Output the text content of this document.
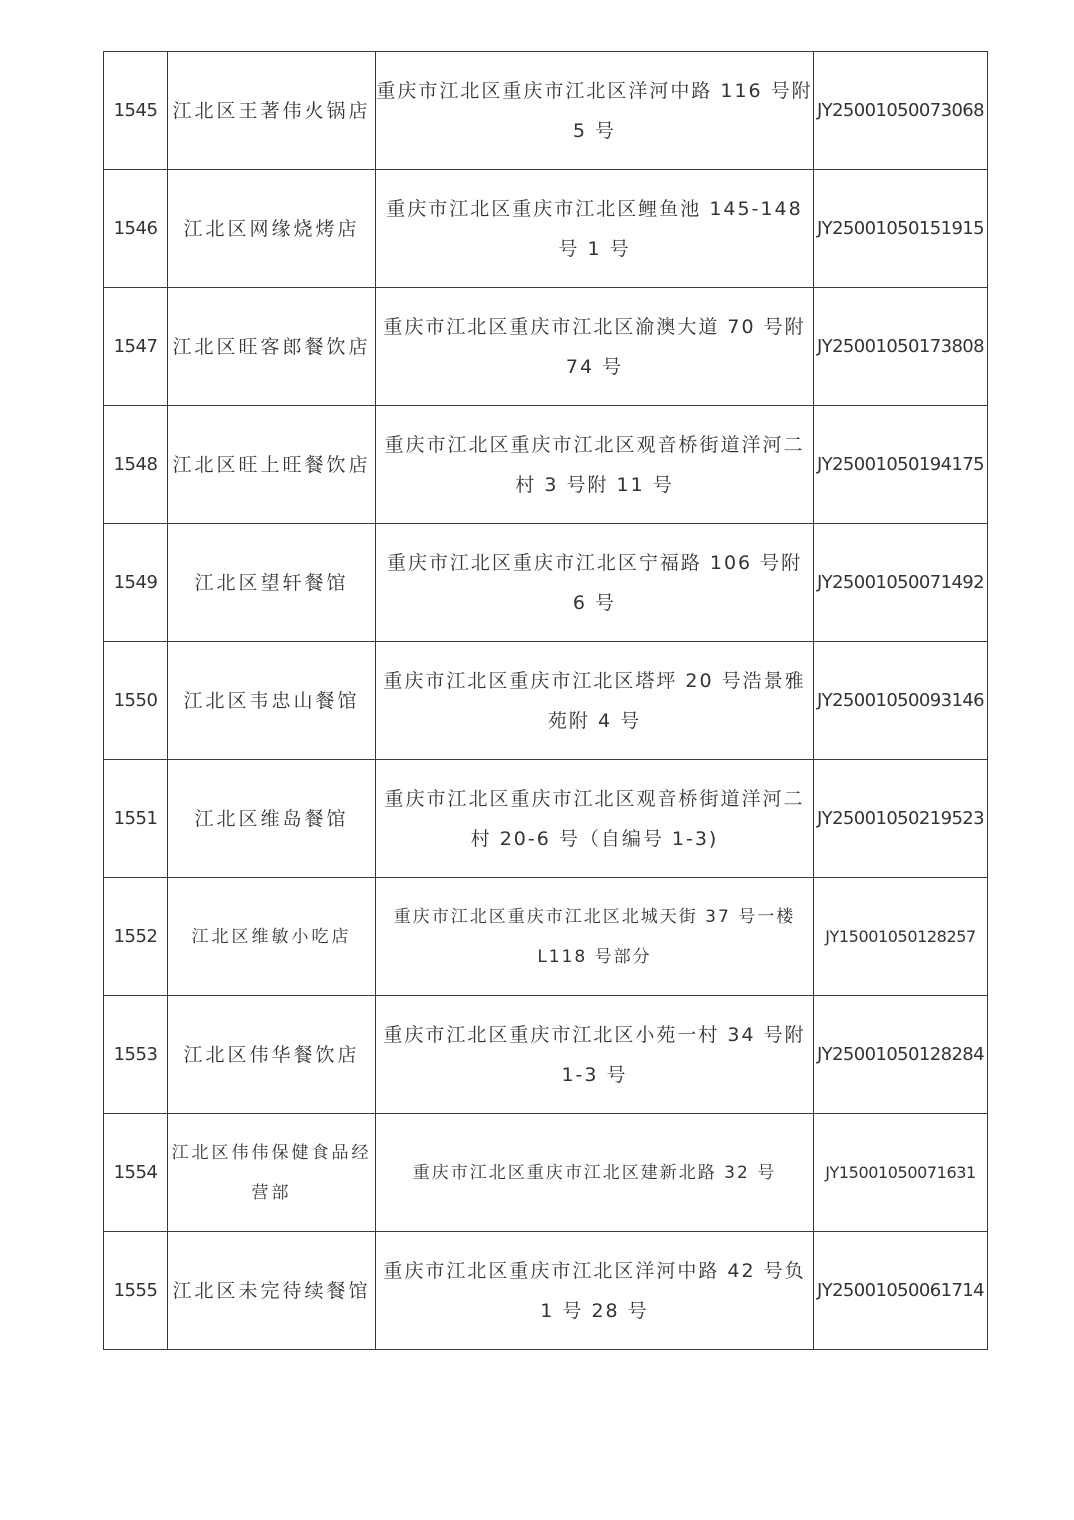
1545	江北区王著伟火锅店	重庆市江北区重庆市江北区洋河中路 116 号附 5 号	JY25001050073068
1546	江北区网缘烧烤店	重庆市江北区重庆市江北区鲤鱼池 145-148 号 1 号	JY25001050151915
1547	江北区旺客郎餐饮店	重庆市江北区重庆市江北区渝澳大道 70 号附 74 号	JY25001050173808
1548	江北区旺上旺餐饮店	重庆市江北区重庆市江北区观音桥街道洋河二村 3 号附 11 号	JY25001050194175
1549	江北区望轩餐馆	重庆市江北区重庆市江北区宁福路 106 号附 6 号	JY25001050071492
1550	江北区韦忠山餐馆	重庆市江北区重庆市江北区塔坪 20 号浩景雅苑附 4 号	JY25001050093146
1551	江北区维岛餐馆	重庆市江北区重庆市江北区观音桥街道洋河二村 20-6 号（自编号 1-3)	JY25001050219523
1552	江北区维敏小吃店	重庆市江北区重庆市江北区北城天街 37 号一楼 L118 号部分	JY15001050128257
1553	江北区伟华餐饮店	重庆市江北区重庆市江北区小苑一村 34 号附 1-3 号	JY25001050128284
1554	江北区伟伟保健食品经营部	重庆市江北区重庆市江北区建新北路 32 号	JY15001050071631
1555	江北区未完待续餐馆	重庆市江北区重庆市江北区洋河中路 42 号负 1 号 28 号	JY25001050061714
